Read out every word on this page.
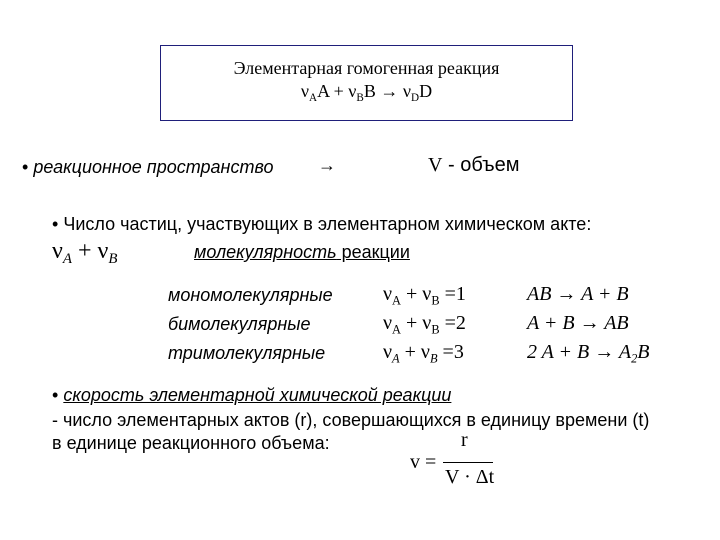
Элементарная гомогенная реакция
$\nu_AA + \nu_BB \to \nu_DD$
• реакционное пространство →	V - объем
• Число частиц, участвующих в элементарном химическом акте:
$\nu_A + \nu_B$	молекулярность реакции
мономолекулярные
бимолекулярные
тримолекулярные
$\nu_A + \nu_B =1$
$\nu_A + \nu_B =2$
$\nu_A + \nu_B =3$
AB → A + B
A + B → AB
2 $A + B \to A_2B$
• скорость элементарной химической реакции
- число элементарных актов (r), совершающихся в единицу времени (t)
в единице реакционного объема:
v =
r
V · Δt
